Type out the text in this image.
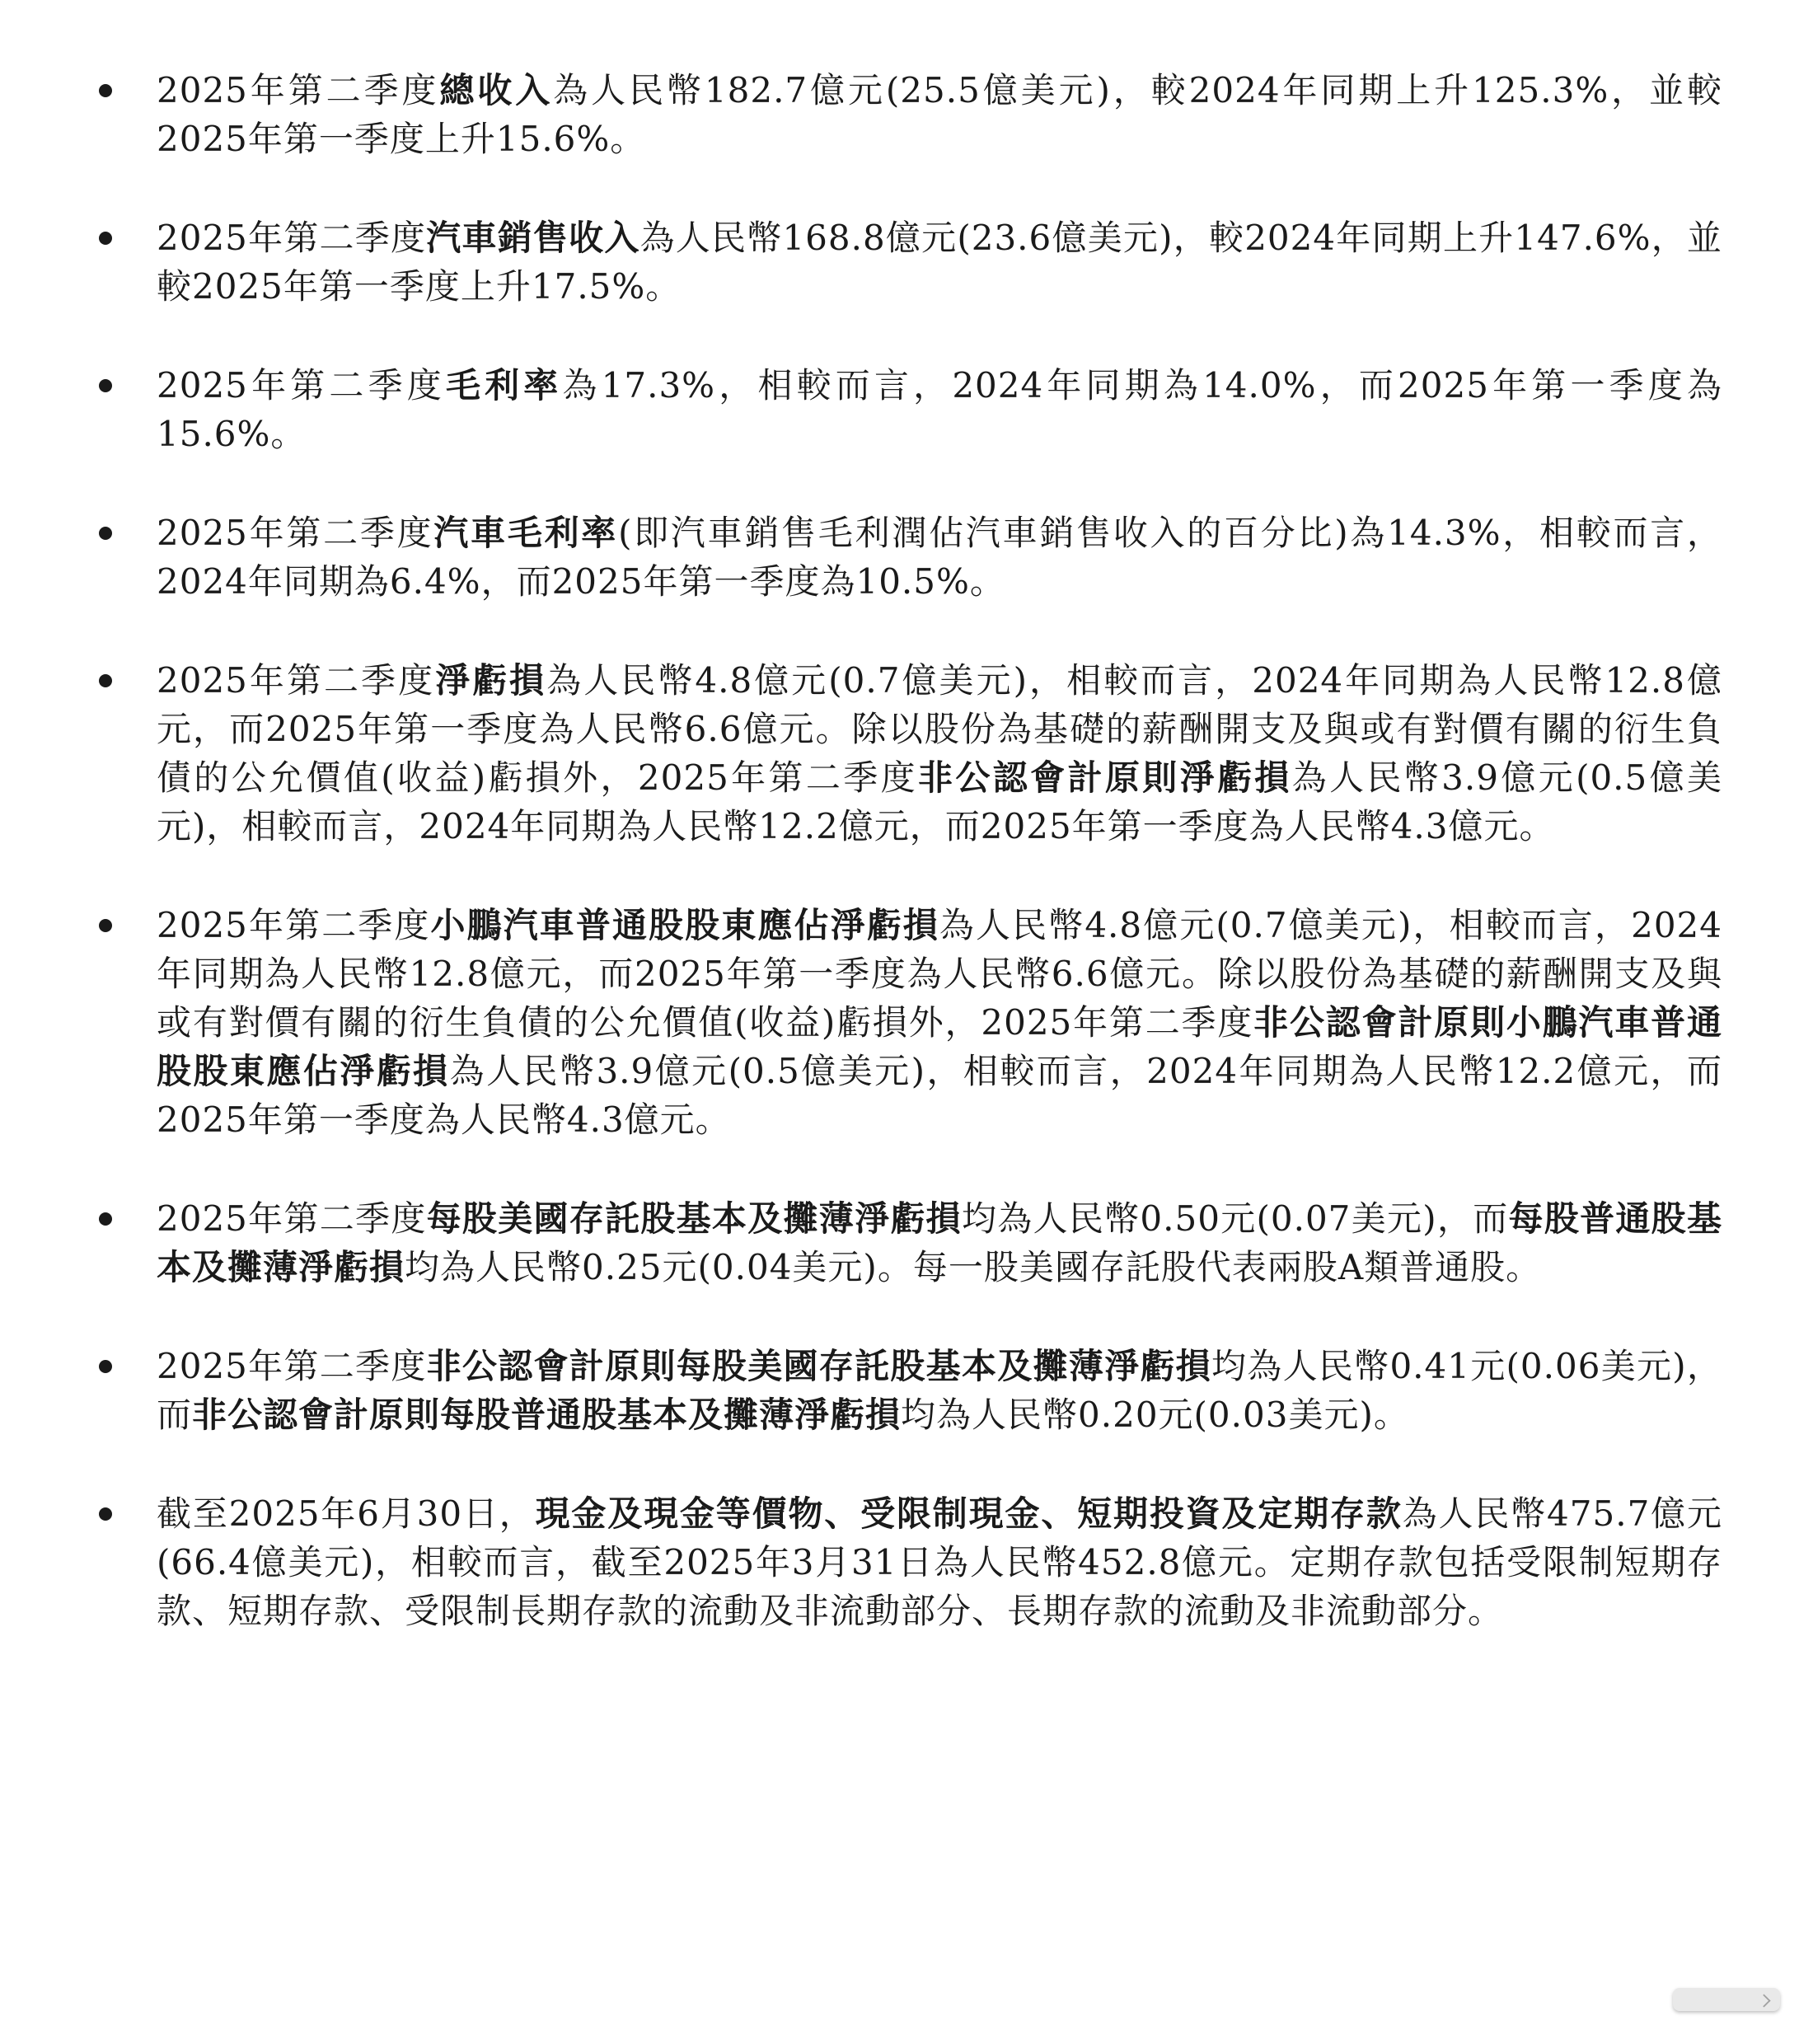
2025年第二季度總收入為人民幣182.7億元(25.5億美元)，較2024年同期上升125.3%，並較2025年第一季度上升15.6%。
2025年第二季度汽車銷售收入為人民幣168.8億元(23.6億美元)，較2024年同期上升147.6%，並較2025年第一季度上升17.5%。
2025年第二季度毛利率為17.3%，相較而言，2024年同期為14.0%，而2025年第一季度為15.6%。
2025年第二季度汽車毛利率(即汽車銷售毛利潤佔汽車銷售收入的百分比)為14.3%，相較而言，2024年同期為6.4%，而2025年第一季度為10.5%。
2025年第二季度淨虧損為人民幣4.8億元(0.7億美元)，相較而言，2024年同期為人民幣12.8億元，而2025年第一季度為人民幣6.6億元。除以股份為基礎的薪酬開支及與或有對價有關的衍生負債的公允價值(收益)虧損外，2025年第二季度非公認會計原則淨虧損為人民幣3.9億元(0.5億美元)，相較而言，2024年同期為人民幣12.2億元，而2025年第一季度為人民幣4.3億元。
2025年第二季度小鵬汽車普通股股東應佔淨虧損為人民幣4.8億元(0.7億美元)，相較而言，2024年同期為人民幣12.8億元，而2025年第一季度為人民幣6.6億元。除以股份為基礎的薪酬開支及與或有對價有關的衍生負債的公允價值(收益)虧損外，2025年第二季度非公認會計原則小鵬汽車普通股股東應佔淨虧損為人民幣3.9億元(0.5億美元)，相較而言，2024年同期為人民幣12.2億元，而2025年第一季度為人民幣4.3億元。
2025年第二季度每股美國存託股基本及攤薄淨虧損均為人民幣0.50元(0.07美元)，而每股普通股基本及攤薄淨虧損均為人民幣0.25元(0.04美元)。每一股美國存託股代表兩股A類普通股。
2025年第二季度非公認會計原則每股美國存託股基本及攤薄淨虧損均為人民幣0.41元(0.06美元)，而非公認會計原則每股普通股基本及攤薄淨虧損均為人民幣0.20元(0.03美元)。
截至2025年6月30日，現金及現金等價物、受限制現金、短期投資及定期存款為人民幣475.7億元(66.4億美元)，相較而言，截至2025年3月31日為人民幣452.8億元。定期存款包括受限制短期存款、短期存款、受限制長期存款的流動及非流動部分、長期存款的流動及非流動部分。
